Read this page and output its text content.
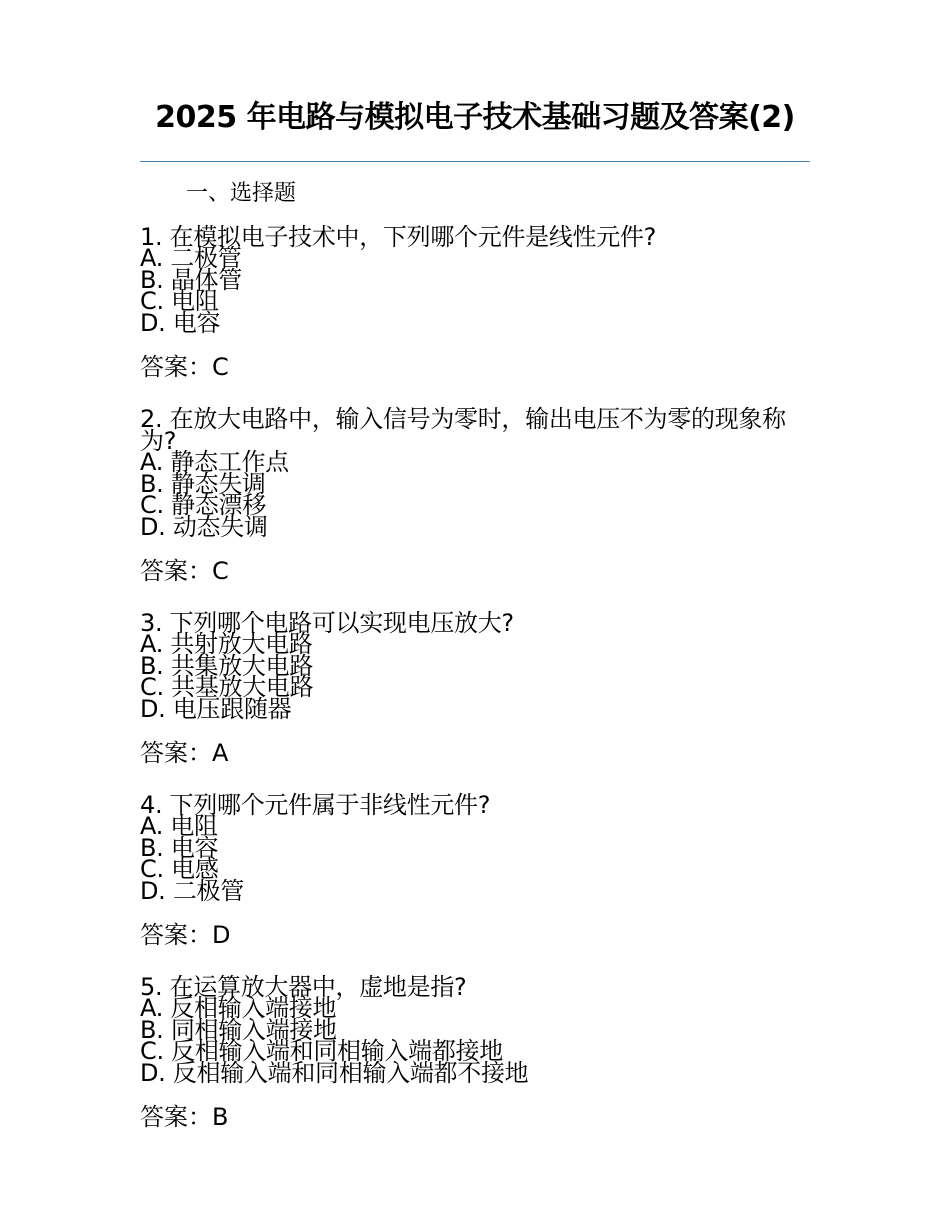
2025 年电路与模拟电子技术基础习题及答案(2)

一、选择题

1. 在模拟电子技术中，下列哪个元件是线性元件?

A. 二极管

B. 晶体管

C. 电阻

D. 电容

答案：C

2. 在放大电路中，输入信号为零时，输出电压不为零的现象称为?

A. 静态工作点

B. 静态失调

C. 静态漂移

D. 动态失调

答案：C

3. 下列哪个电路可以实现电压放大?

A. 共射放大电路

B. 共集放大电路

C. 共基放大电路

D. 电压跟随器

答案：A

4. 下列哪个元件属于非线性元件?

A. 电阻

B. 电容

C. 电感

D. 二极管

答案：D

5. 在运算放大器中，虚地是指?

A. 反相输入端接地

B. 同相输入端接地

C. 反相输入端和同相输入端都接地

D. 反相输入端和同相输入端都不接地

答案：B
